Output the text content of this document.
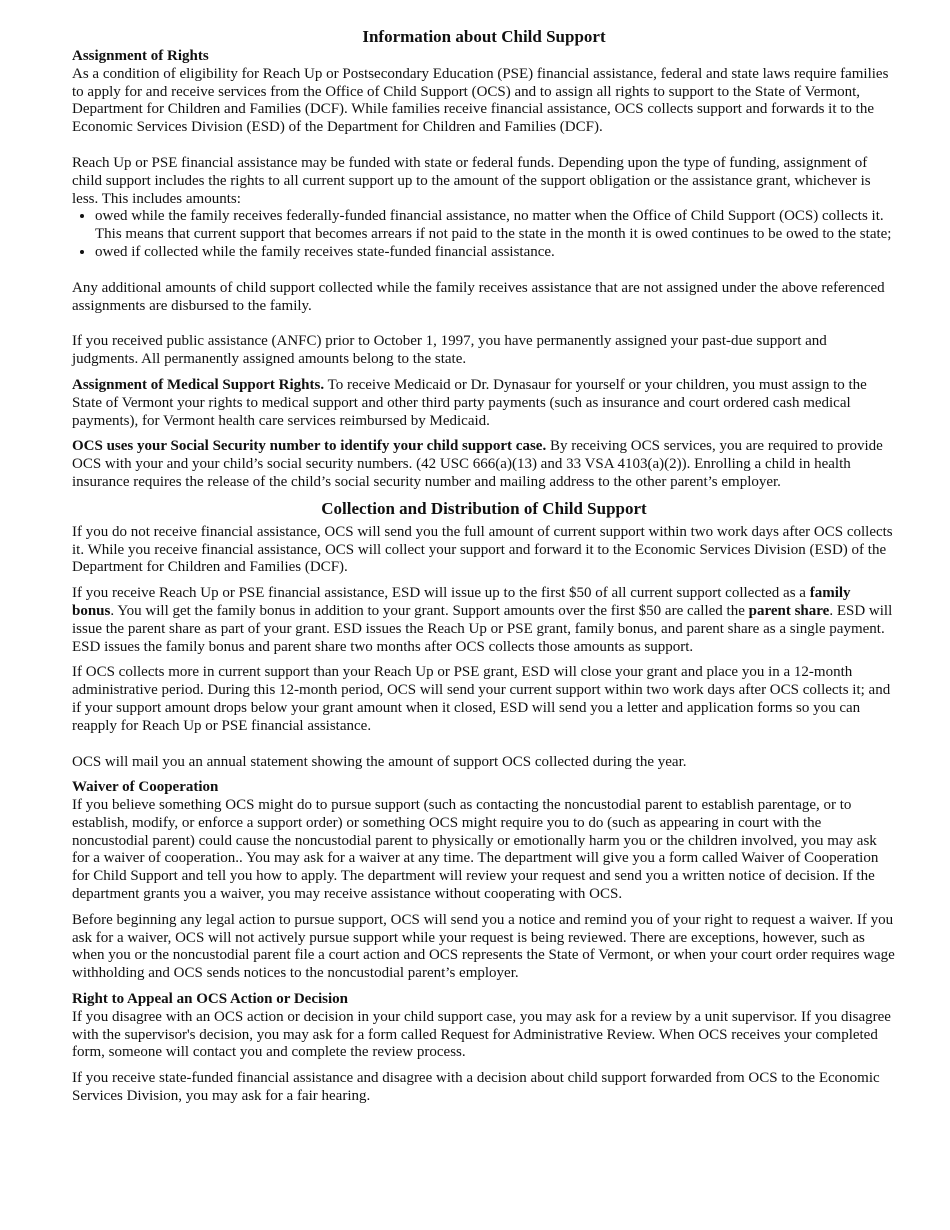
Information about Child Support

Assignment of Rights

As a condition of eligibility for Reach Up or Postsecondary Education (PSE) financial assistance, federal and state laws require families to apply for and receive services from the Office of Child Support (OCS) and to assign all rights to support to the State of Vermont, Department for Children and Families (DCF). While families receive financial assistance, OCS collects support and forwards it to the Economic Services Division (ESD) of the Department for Children and Families (DCF).

Reach Up or PSE financial assistance may be funded with state or federal funds. Depending upon the type of funding, assignment of child support includes the rights to all current support up to the amount of the support obligation or the assistance grant, whichever is less. This includes amounts:

• owed while the family receives federally-funded financial assistance, no matter when the Office of Child Support (OCS) collects it. This means that current support that becomes arrears if not paid to the state in the month it is owed continues to be owed to the state;
• owed if collected while the family receives state-funded financial assistance.

Any additional amounts of child support collected while the family receives assistance that are not assigned under the above referenced assignments are disbursed to the family.

If you received public assistance (ANFC) prior to October 1, 1997, you have permanently assigned your past-due support and judgments. All permanently assigned amounts belong to the state.

Assignment of Medical Support Rights. To receive Medicaid or Dr. Dynasaur for yourself or your children, you must assign to the State of Vermont your rights to medical support and other third party payments (such as insurance and court ordered cash medical payments), for Vermont health care services reimbursed by Medicaid.

OCS uses your Social Security number to identify your child support case. By receiving OCS services, you are required to provide OCS with your and your child’s social security numbers. (42 USC 666(a)(13) and 33 VSA 4103(a)(2)). Enrolling a child in health insurance requires the release of the child’s social security number and mailing address to the other parent’s employer.

Collection and Distribution of Child Support

If you do not receive financial assistance, OCS will send you the full amount of current support within two work days after OCS collects it. While you receive financial assistance, OCS will collect your support and forward it to the Economic Services Division (ESD) of the Department for Children and Families (DCF).

If you receive Reach Up or PSE financial assistance, ESD will issue up to the first $50 of all current support collected as a family bonus. You will get the family bonus in addition to your grant. Support amounts over the first $50 are called the parent share. ESD will issue the parent share as part of your grant. ESD issues the Reach Up or PSE grant, family bonus, and parent share as a single payment. ESD issues the family bonus and parent share two months after OCS collects those amounts as support.

If OCS collects more in current support than your Reach Up or PSE grant, ESD will close your grant and place you in a 12-month administrative period. During this 12-month period, OCS will send your current support within two work days after OCS collects it; and if your support amount drops below your grant amount when it closed, ESD will send you a letter and application forms so you can reapply for Reach Up or PSE financial assistance.

OCS will mail you an annual statement showing the amount of support OCS collected during the year.

Waiver of Cooperation

If you believe something OCS might do to pursue support (such as contacting the noncustodial parent to establish parentage, or to establish, modify, or enforce a support order) or something OCS might require you to do (such as appearing in court with the noncustodial parent) could cause the noncustodial parent to physically or emotionally harm you or the children involved, you may ask for a waiver of cooperation.. You may ask for a waiver at any time. The department will give you a form called Waiver of Cooperation for Child Support and tell you how to apply. The department will review your request and send you a written notice of decision. If the department grants you a waiver, you may receive assistance without cooperating with OCS.

Before beginning any legal action to pursue support, OCS will send you a notice and remind you of your right to request a waiver. If you ask for a waiver, OCS will not actively pursue support while your request is being reviewed. There are exceptions, however, such as when you or the noncustodial parent file a court action and OCS represents the State of Vermont, or when your court order requires wage withholding and OCS sends notices to the noncustodial parent’s employer.

Right to Appeal an OCS Action or Decision

If you disagree with an OCS action or decision in your child support case, you may ask for a review by a unit supervisor. If you disagree with the supervisor's decision, you may ask for a form called Request for Administrative Review. When OCS receives your completed form, someone will contact you and complete the review process.

If you receive state-funded financial assistance and disagree with a decision about child support forwarded from OCS to the Economic Services Division, you may ask for a fair hearing.
